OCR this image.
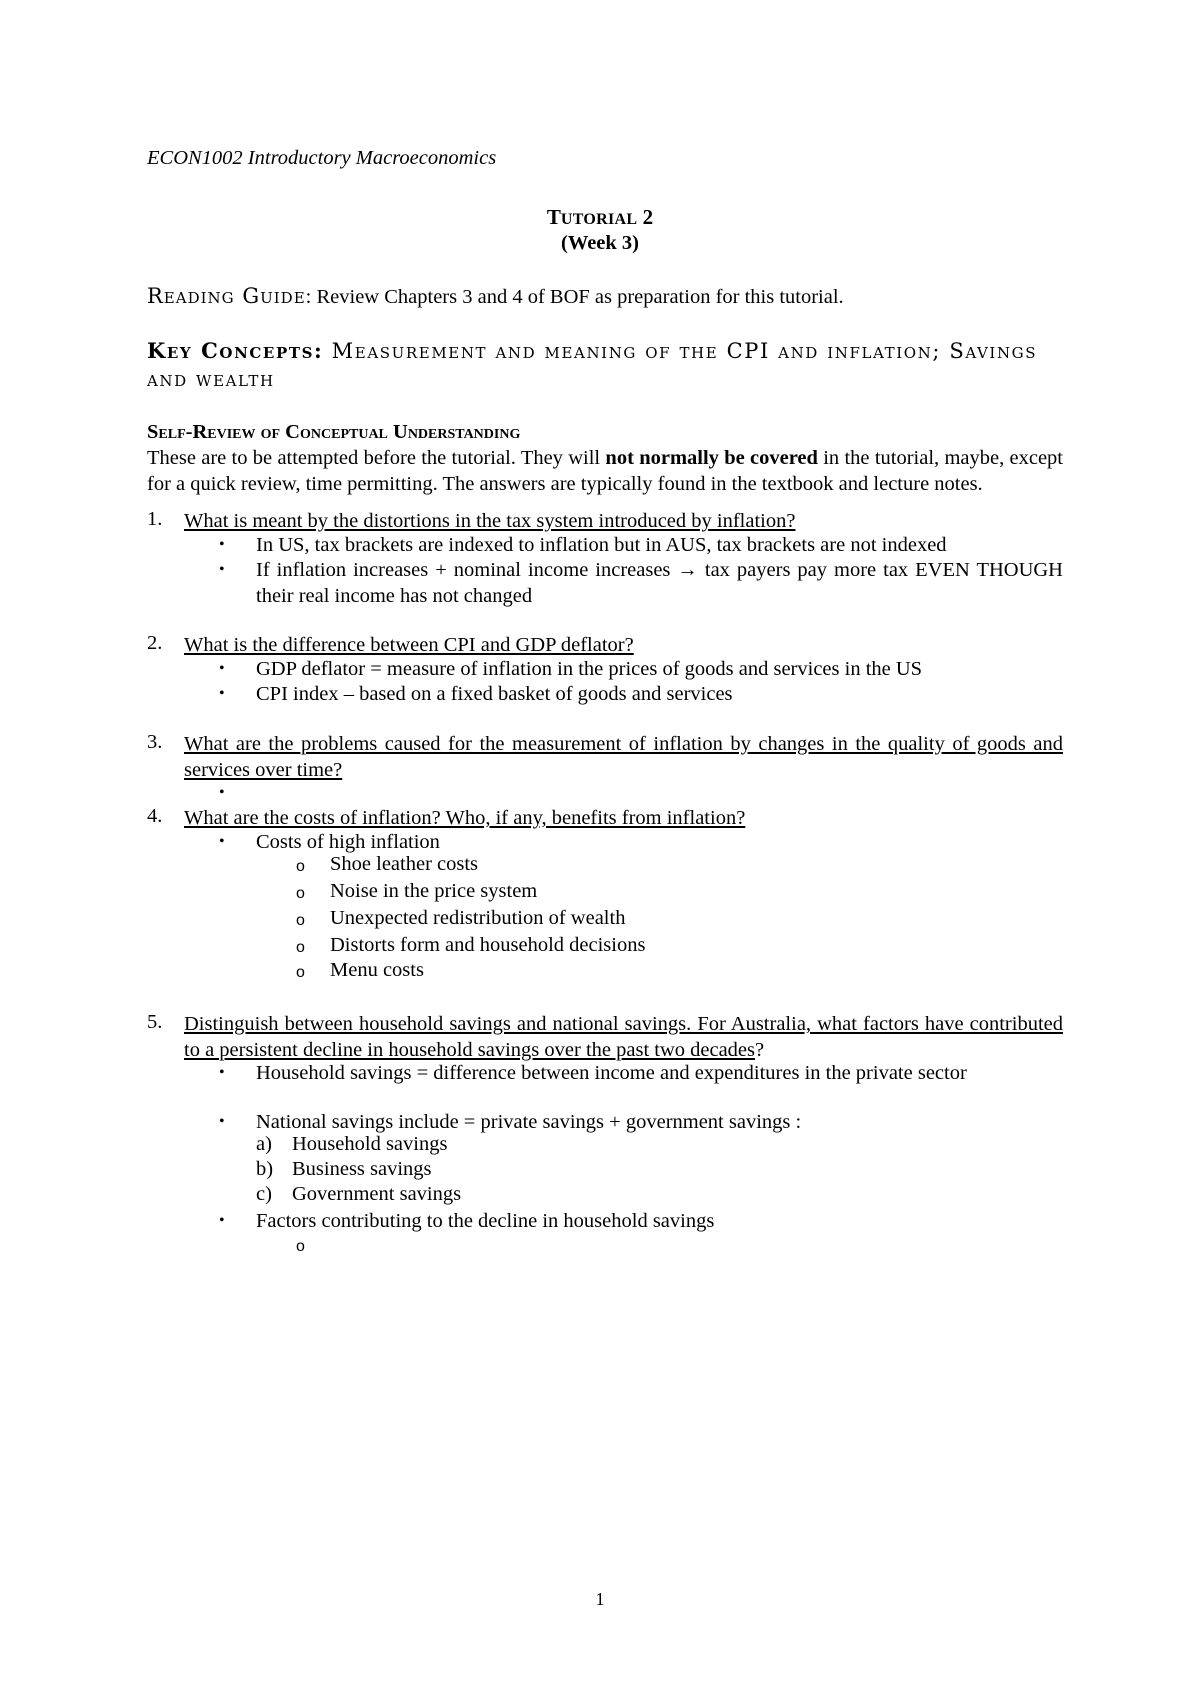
ECON1002 Introductory Macroeconomics
TUTORIAL 2
(Week 3)
Reading Guide: Review Chapters 3 and 4 of BOF as preparation for this tutorial.
Key Concepts: Measurement and meaning of the CPI and inflation; Savings and wealth
Self-Review of Conceptual Understanding
These are to be attempted before the tutorial. They will not normally be covered in the tutorial, maybe, except for a quick review, time permitting. The answers are typically found in the textbook and lecture notes.
1. What is meant by the distortions in the tax system introduced by inflation?
• In US, tax brackets are indexed to inflation but in AUS, tax brackets are not indexed
• If inflation increases + nominal income increases → tax payers pay more tax EVEN THOUGH their real income has not changed
2. What is the difference between CPI and GDP deflator?
• GDP deflator = measure of inflation in the prices of goods and services in the US
• CPI index – based on a fixed basket of goods and services
3. What are the problems caused for the measurement of inflation by changes in the quality of goods and services over time?
•
4. What are the costs of inflation? Who, if any, benefits from inflation?
• Costs of high inflation
o Shoe leather costs
o Noise in the price system
o Unexpected redistribution of wealth
o Distorts form and household decisions
o Menu costs
5. Distinguish between household savings and national savings. For Australia, what factors have contributed to a persistent decline in household savings over the past two decades?
• Household savings = difference between income and expenditures in the private sector
• National savings include = private savings + government savings :
a) Household savings
b) Business savings
c) Government savings
• Factors contributing to the decline in household savings
o
1
